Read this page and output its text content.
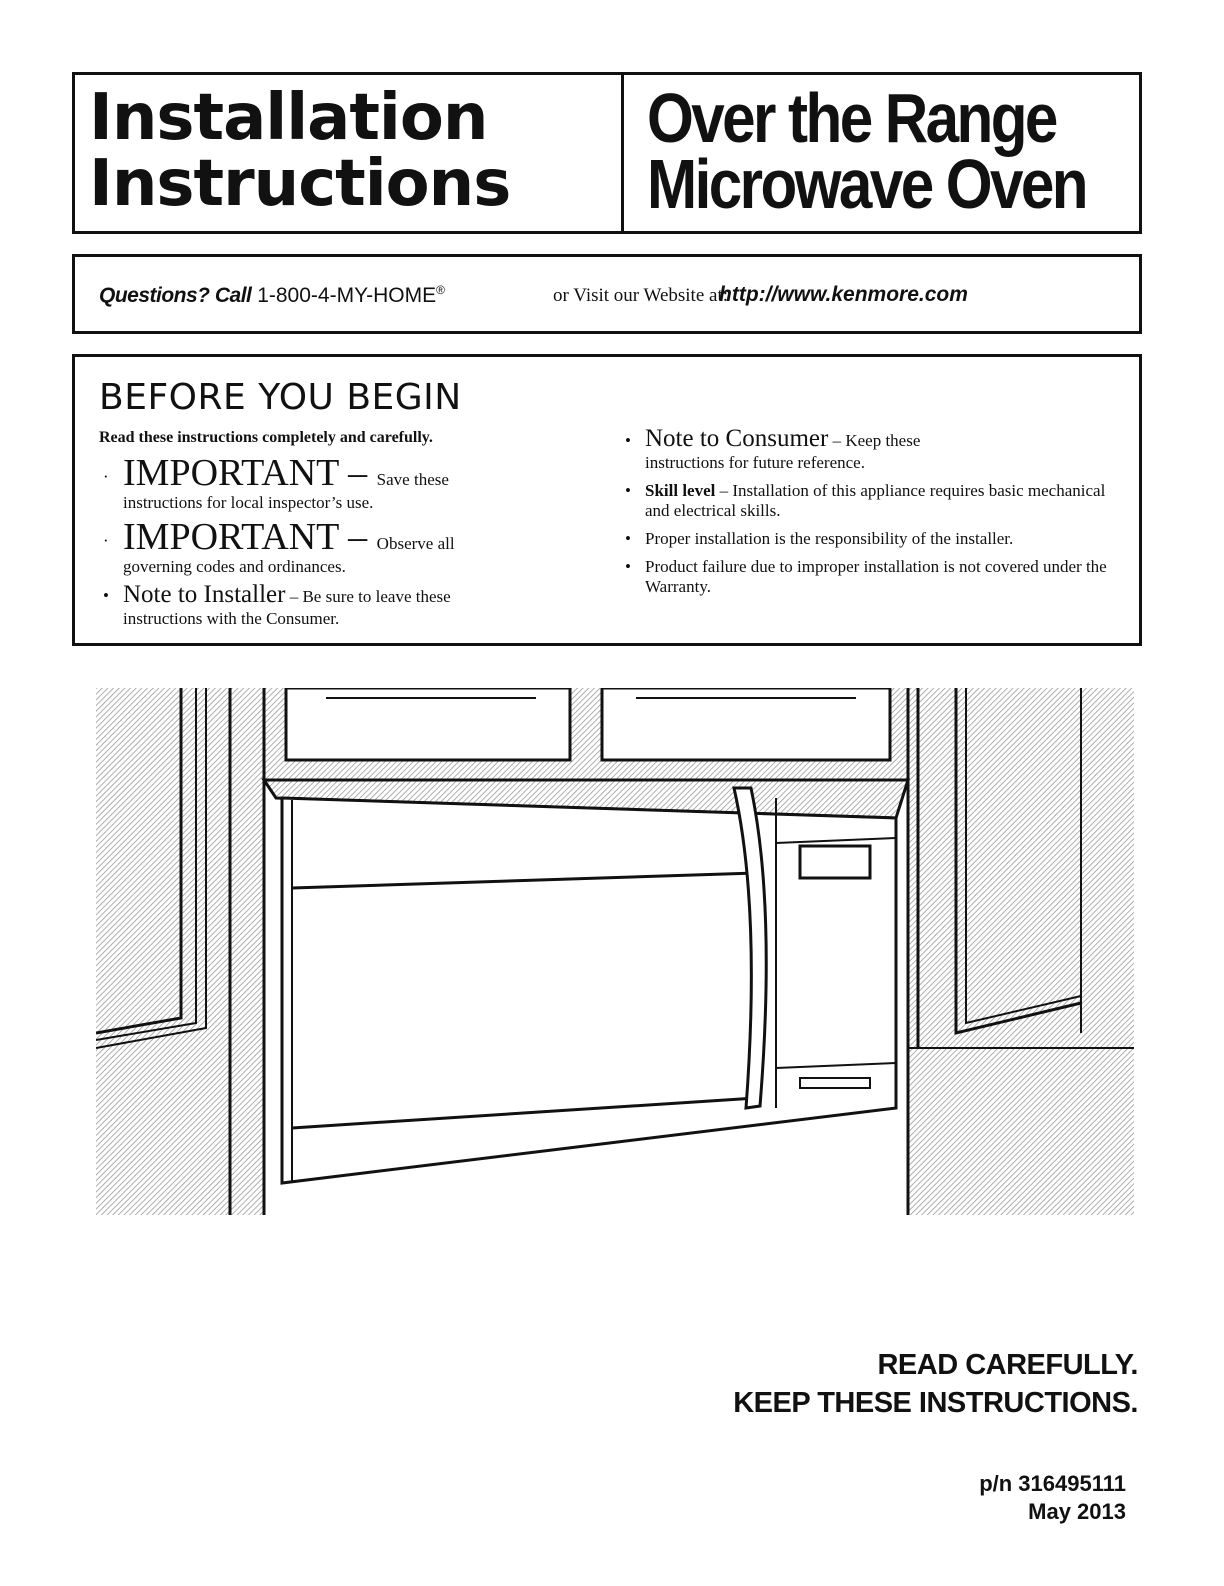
Installation
Instructions
Over the Range
Microwave Oven
Questions? Call 1-800-4-MY-HOME®	or Visit our Website at:
http://www.kenmore.com
BEFORE YOU BEGIN
Read these instructions completely and carefully.

· IMPORTANT – Save these
instructions for local inspector’s use.

· IMPORTANT – Observe all
governing codes and ordinances.

• Note to Installer – Be sure to leave these
instructions with the Consumer.

• Note to Consumer – Keep these
instructions for future reference.

• Skill level – Installation of this appliance requires basic mechanical and electrical skills.

• Proper installation is the responsibility of the installer.

• Product failure due to improper installation is not covered under the Warranty.

READ CAREFULLY.
KEEP THESE INSTRUCTIONS.
p/n 316495111
May 2013
